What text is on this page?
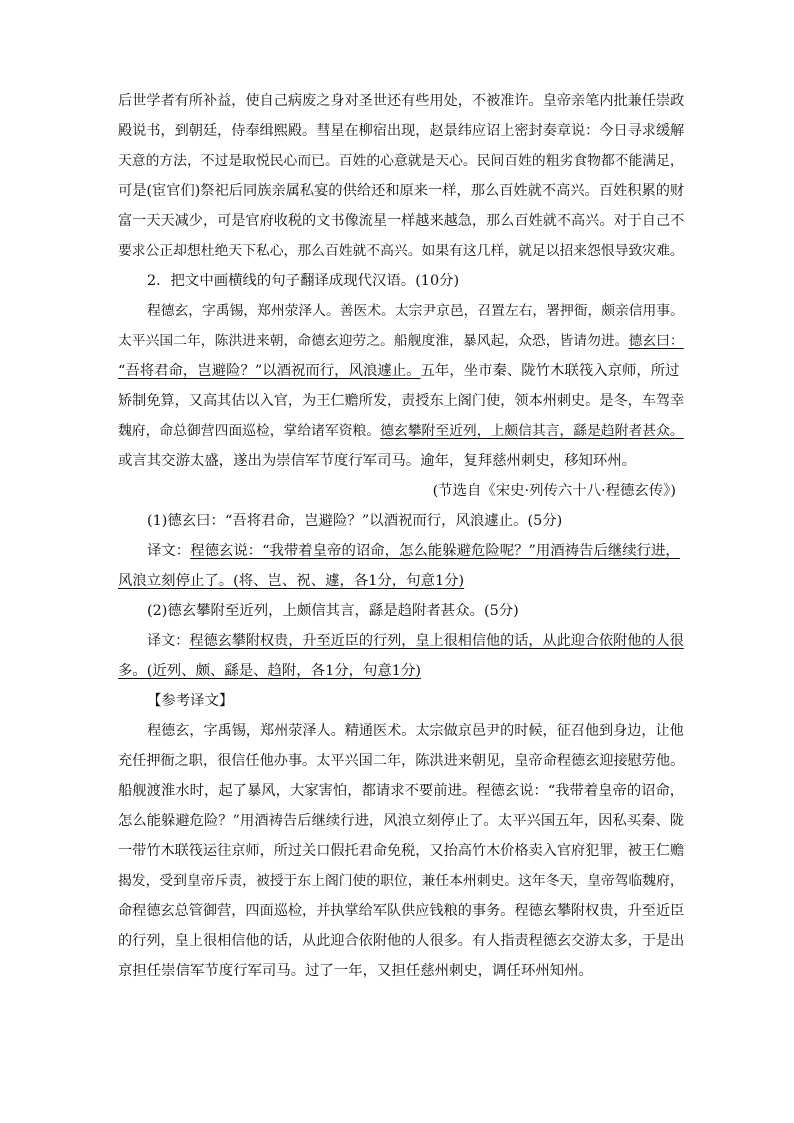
后世学者有所补益，使自己病废之身对圣世还有些用处，不被准许。皇帝亲笔内批兼任崇政
殿说书，到朝廷，侍奉缉熙殿。彗星在柳宿出现，赵景纬应诏上密封奏章说：今日寻求缓解
天意的方法，不过是取悦民心而已。百姓的心意就是天心。民间百姓的粗劣食物都不能满足，
可是(宦官们)祭祀后同族亲属私宴的供给还和原来一样，那么百姓就不高兴。百姓积累的财
富一天天减少，可是官府收税的文书像流星一样越来越急，那么百姓就不高兴。对于自己不
要求公正却想杜绝天下私心，那么百姓就不高兴。如果有这几样，就足以招来怨恨导致灾难。
2．把文中画横线的句子翻译成现代汉语。(10分)
程德玄，字禹锡，郑州荥泽人。善医术。太宗尹京邑，召置左右，署押衙，颇亲信用事。
太平兴国二年，陈洪进来朝，命德玄迎劳之。船舰度淮，暴风起，众恐，皆请勿进。德玄曰：
“吾将君命，岂避险？”以酒祝而行，风浪遽止。五年，坐市秦、陇竹木联筏入京师，所过
矫制免算，又高其估以入官，为王仁赡所发，责授东上阁门使，领本州刺史。是冬，车驾幸
魏府，命总御营四面巡检，掌给诸军资粮。德玄攀附至近列，上颇信其言，繇是趋附者甚众。
或言其交游太盛，遂出为崇信军节度行军司马。逾年，复拜慈州刺史，移知环州。
(节选自《宋史·列传六十八·程德玄传》)
(1)德玄曰：“吾将君命，岂避险？”以酒祝而行，风浪遽止。(5分)
译文：程德玄说：“我带着皇帝的诏命，怎么能躲避危险呢？”用酒祷告后继续行进，
风浪立刻停止了。(将、岂、祝、遽，各1分，句意1分)
(2)德玄攀附至近列，上颇信其言，繇是趋附者甚众。(5分)
译文：程德玄攀附权贵，升至近臣的行列，皇上很相信他的话，从此迎合依附他的人很
多。(近列、颇、繇是、趋附，各1分，句意1分)
【参考译文】
程德玄，字禹锡，郑州荥泽人。精通医术。太宗做京邑尹的时候，征召他到身边，让他
充任押衙之职，很信任他办事。太平兴国二年，陈洪进来朝见，皇帝命程德玄迎接慰劳他。
船舰渡淮水时，起了暴风，大家害怕，都请求不要前进。程德玄说：“我带着皇帝的诏命，
怎么能躲避危险？”用酒祷告后继续行进，风浪立刻停止了。太平兴国五年，因私买秦、陇
一带竹木联筏运往京师，所过关口假托君命免税，又抬高竹木价格卖入官府犯罪，被王仁赡
揭发，受到皇帝斥责，被授于东上阁门使的职位，兼任本州刺史。这年冬天，皇帝驾临魏府，
命程德玄总管御营，四面巡检，并执掌给军队供应钱粮的事务。程德玄攀附权贵，升至近臣
的行列，皇上很相信他的话，从此迎合依附他的人很多。有人指责程德玄交游太多，于是出
京担任崇信军节度行军司马。过了一年，又担任慈州刺史，调任环州知州。
